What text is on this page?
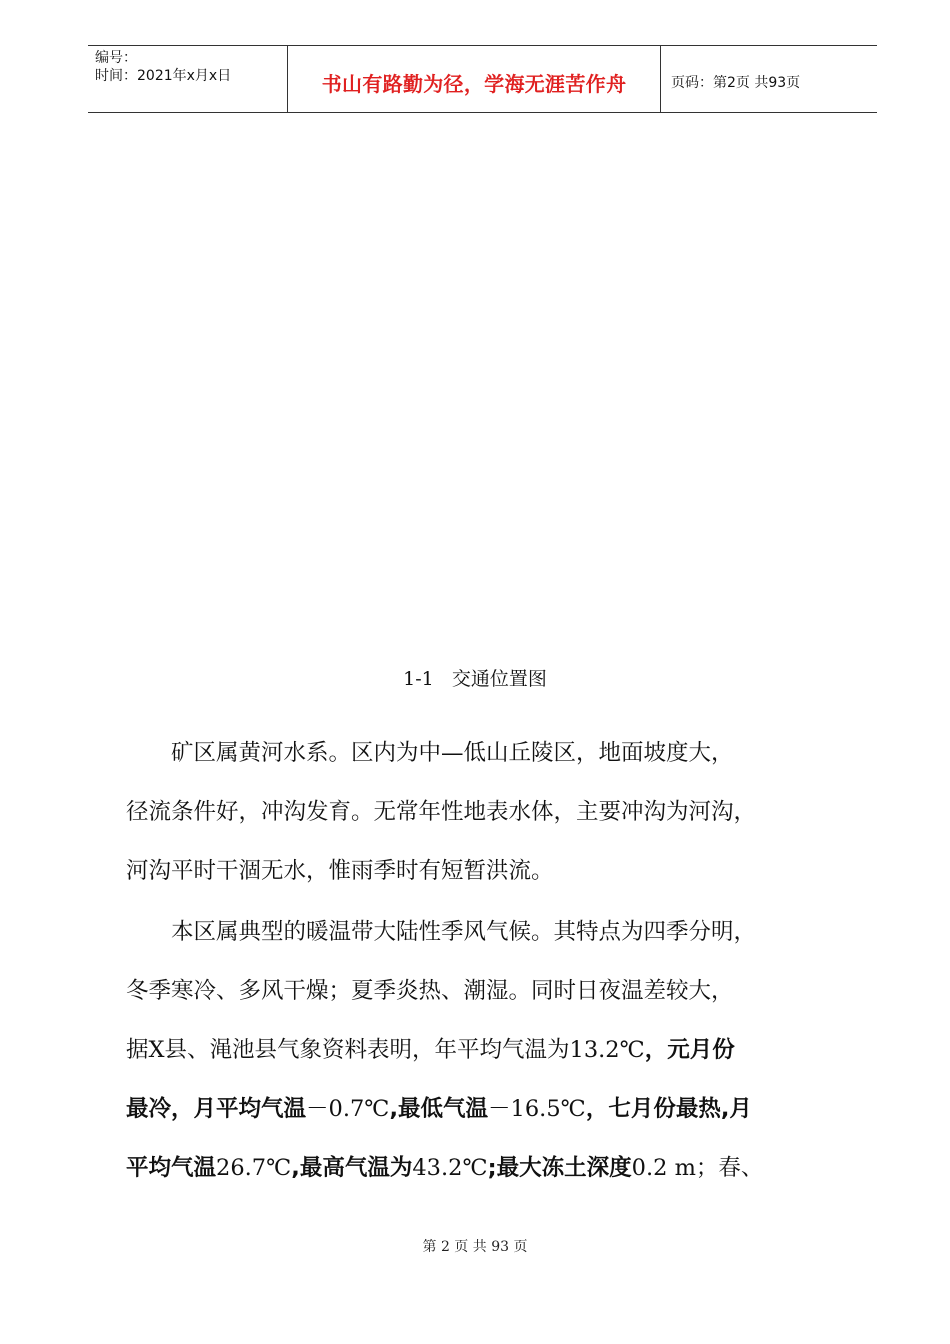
编号：
时间：2021年x月x日	书山有路勤为径，学海无涯苦作舟	页码：第2页 共93页
1-1   交通位置图
　　矿区属黄河水系。区内为中—低山丘陵区，地面坡度大，
径流条件好，冲沟发育。无常年性地表水体，主要冲沟为河沟，
河沟平时干涸无水，惟雨季时有短暂洪流。
　　本区属典型的暖温带大陆性季风气候。其特点为四季分明，
冬季寒冷、多风干燥；夏季炎热、潮湿。同时日夜温差较大，
据X县、渑池县气象资料表明，年平均气温为13.2℃，元月份
最冷，月平均气温－0.7℃,最低气温－16.5℃，七月份最热,月
平均气温26.7℃,最高气温为43.2℃;最大冻土深度0.2 m；春、
第 2 页 共 93 页
